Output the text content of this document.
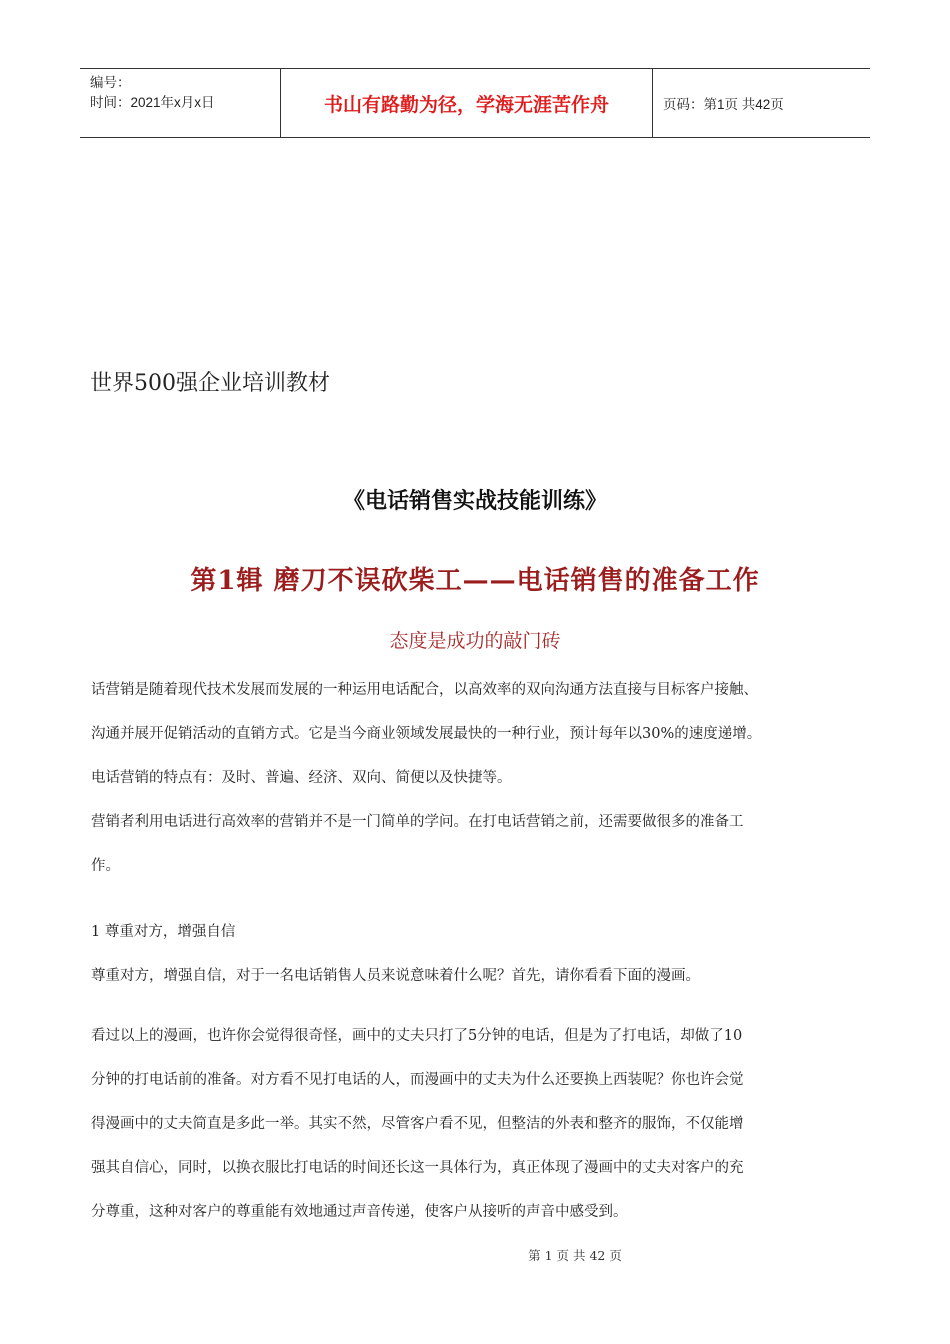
编号：
时间：2021年x月x日	书山有路勤为径，学海无涯苦作舟	页码：第1页 共42页
世界500强企业培训教材
《电话销售实战技能训练》
第1辑 磨刀不误砍柴工——电话销售的准备工作
态度是成功的敲门砖
话营销是随着现代技术发展而发展的一种运用电话配合，以高效率的双向沟通方法直接与目标客户接触、
沟通并展开促销活动的直销方式。它是当今商业领域发展最快的一种行业，预计每年以30%的速度递增。
电话营销的特点有：及时、普遍、经济、双向、简便以及快捷等。
营销者利用电话进行高效率的营销并不是一门简单的学问。在打电话营销之前，还需要做很多的准备工
作。
1 尊重对方，增强自信
尊重对方，增强自信，对于一名电话销售人员来说意味着什么呢？首先，请你看看下面的漫画。
看过以上的漫画，也许你会觉得很奇怪，画中的丈夫只打了5分钟的电话，但是为了打电话，却做了10
分钟的打电话前的准备。对方看不见打电话的人，而漫画中的丈夫为什么还要换上西装呢？你也许会觉
得漫画中的丈夫简直是多此一举。其实不然，尽管客户看不见，但整洁的外表和整齐的服饰，不仅能增
强其自信心，同时，以换衣服比打电话的时间还长这一具体行为，真正体现了漫画中的丈夫对客户的充
分尊重，这种对客户的尊重能有效地通过声音传递，使客户从接听的声音中感受到。
第 1 页 共 42 页
